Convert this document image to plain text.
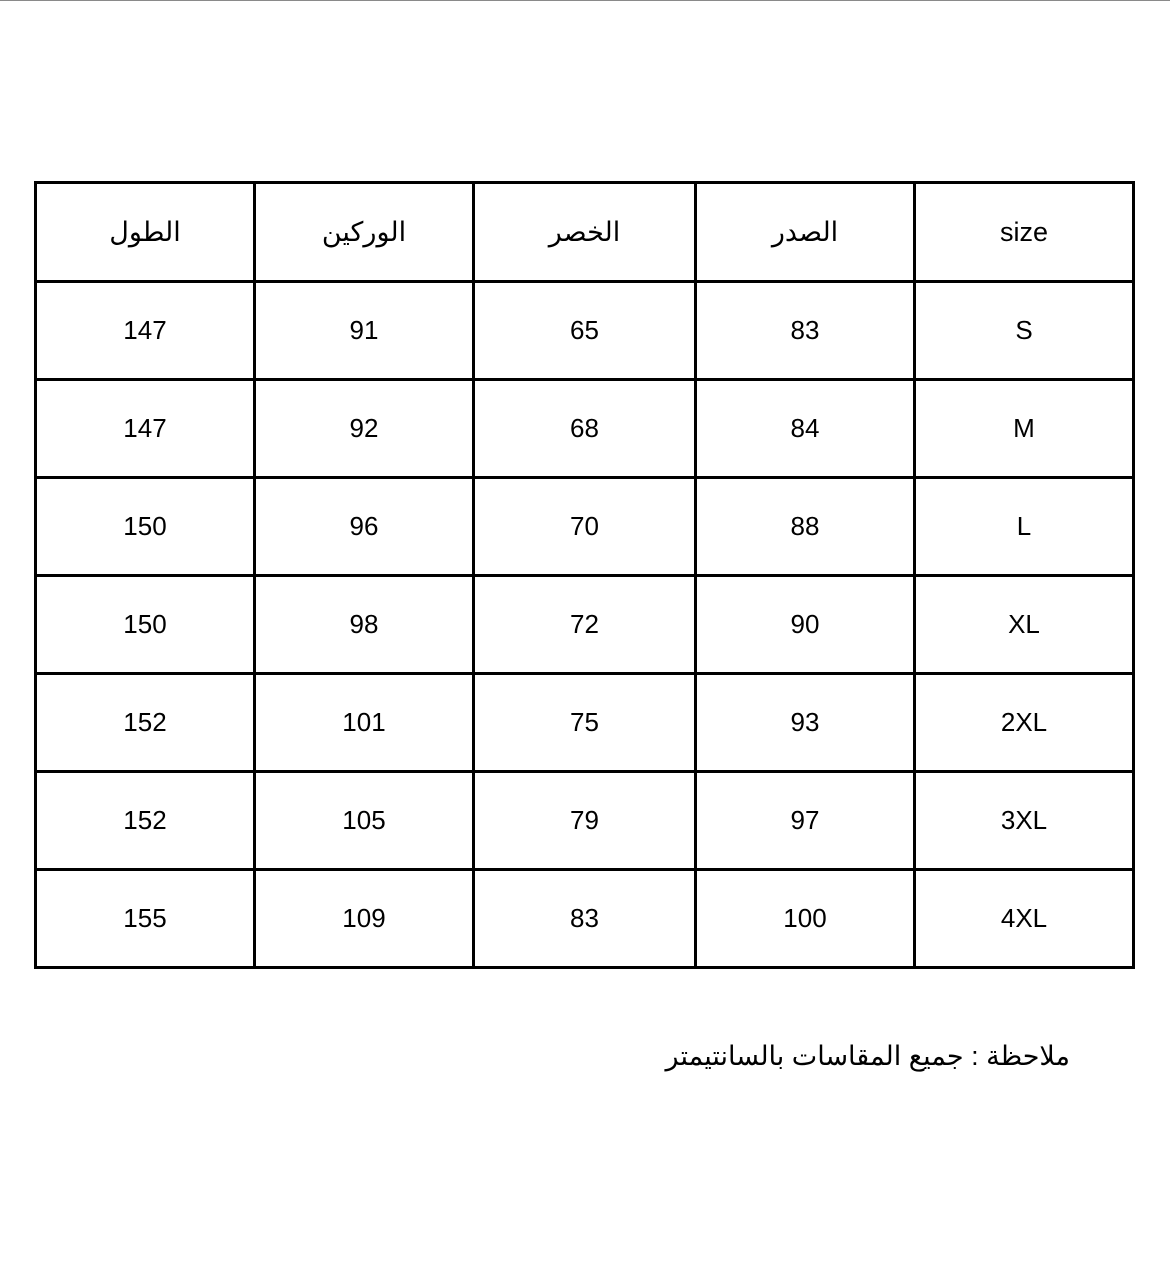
الطول	الوركين	الخصر	الصدر	size
147	91	65	83	S
147	92	68	84	M
150	96	70	88	L
150	98	72	90	XL
152	101	75	93	2XL
152	105	79	97	3XL
155	109	83	100	4XL
ملاحظة : جميع المقاسات بالسانتيمتر
